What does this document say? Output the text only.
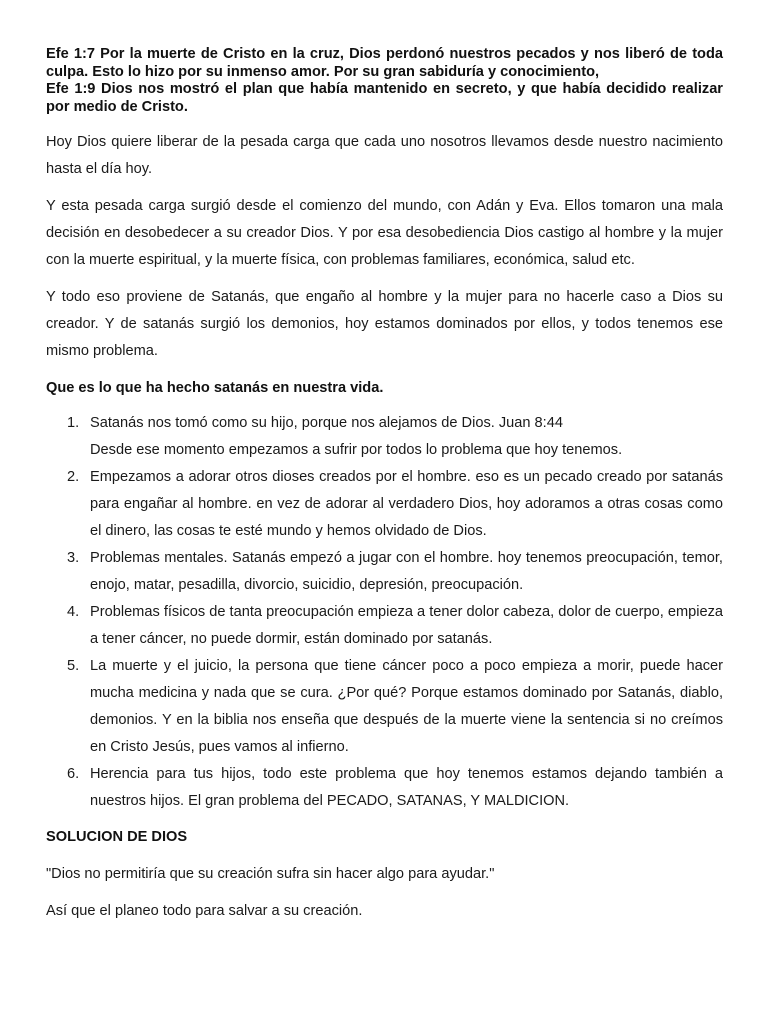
Efe 1:7 Por la muerte de Cristo en la cruz, Dios perdonó nuestros pecados y nos liberó de toda culpa. Esto lo hizo por su inmenso amor. Por su gran sabiduría y conocimiento,

Efe 1:9 Dios nos mostró el plan que había mantenido en secreto, y que había decidido realizar por medio de Cristo.

Hoy Dios quiere liberar de la pesada carga que cada uno nosotros llevamos desde nuestro nacimiento hasta el día hoy.

Y esta pesada carga surgió desde el comienzo del mundo, con Adán y Eva. Ellos tomaron una mala decisión en desobedecer a su creador Dios. Y por esa desobediencia Dios castigo al hombre y la mujer con la muerte espiritual, y la muerte física, con problemas familiares, económica, salud etc.

Y todo eso proviene de Satanás, que engaño al hombre y la mujer para no hacerle caso a Dios su creador. Y de satanás surgió los demonios, hoy estamos dominados por ellos, y todos tenemos ese mismo problema.

Que es lo que ha hecho satanás en nuestra vida.

1. Satanás nos tomó como su hijo, porque nos alejamos de Dios. Juan 8:44
Desde ese momento empezamos a sufrir por todos lo problema que hoy tenemos.
2. Empezamos a adorar otros dioses creados por el hombre. eso es un pecado creado por satanás para engañar al hombre. en vez de adorar al verdadero Dios, hoy adoramos a otras cosas como el dinero, las cosas te esté mundo y hemos olvidado de Dios.
3. Problemas mentales. Satanás empezó a jugar con el hombre. hoy tenemos preocupación, temor, enojo, matar, pesadilla, divorcio, suicidio, depresión, preocupación.
4. Problemas físicos de tanta preocupación empieza a tener dolor cabeza, dolor de cuerpo, empieza a tener cáncer, no puede dormir, están dominado por satanás.
5. La muerte y el juicio, la persona que tiene cáncer poco a poco empieza a morir, puede hacer mucha medicina y nada que se cura. ¿Por qué? Porque estamos dominado por Satanás, diablo, demonios. Y en la biblia nos enseña que después de la muerte viene la sentencia si no creímos en Cristo Jesús, pues vamos al infierno.
6. Herencia para tus hijos, todo este problema que hoy tenemos estamos dejando también a nuestros hijos. El gran problema del PECADO, SATANAS, Y MALDICION.

SOLUCION DE DIOS

"Dios no permitiría que su creación sufra sin hacer algo para ayudar."

Así que el planeo todo para salvar a su creación.
